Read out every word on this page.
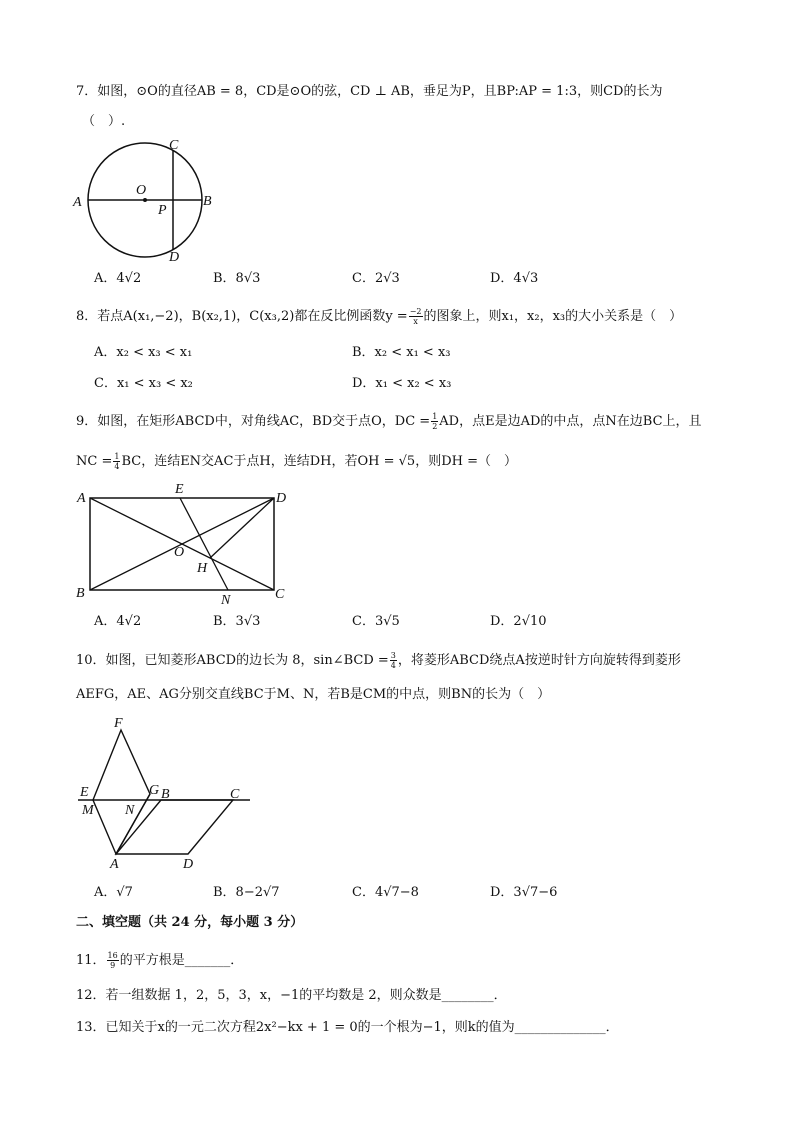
7．如图，⊙O的直径AB = 8，CD是⊙O的弦，CD ⊥ AB，垂足为P，且BP:AP = 1:3，则CD的长为
（　）.
A	B
C
D
O
P
A．4√2	B．8√3	C．2√3	D．4√3
8．若点A(x₁,−2)，B(x₂,1)，C(x₃,2)都在反比例函数$y = \frac{-2}{x}$ 的图象上，则x₁，x₂，x₃的大小关系是（　）
A．x₂ < x₃ < x₁	B．x₂ < x₁ < x₃
C．x₁ < x₃ < x₂	D．x₁ < x₂ < x₃
9．如图，在矩形ABCD中，对角线AC，BD交于点O，DC = $\frac{1}{2}$ AD，点E是边AD的中点，点N在边BC上，且
NC = $\frac{1}{4}$ BC，连结EN交AC于点H，连结DH，若OH = √5，则DH =（　）
A	D
B	C
E
O
H
N
A．4√2	B．3√3	C．3√5	D．2√10
10．如图，已知菱形ABCD的边长为 8，sin∠BCD = $\frac{3}{4}$ ，将菱形ABCD绕点A按逆时针方向旋转得到菱形
AEFG，AE、AG分别交直线BC于M、N，若B是CM的中点，则BN的长为（　）
F
E
M
G B	C
N
A	D
A．√7	B．8−2√7	C．4√7−8	D．3√7−6
二、填空题（共 24 分，每小题 3 分）
11． $\frac{16}{9}$ 的平方根是_______．
12．若一组数据 1，2，5，3，x，−1的平均数是 2，则众数是________．
13．已知关于x的一元二次方程2x²−kx + 1 = 0的一个根为−1，则k的值为______________．
